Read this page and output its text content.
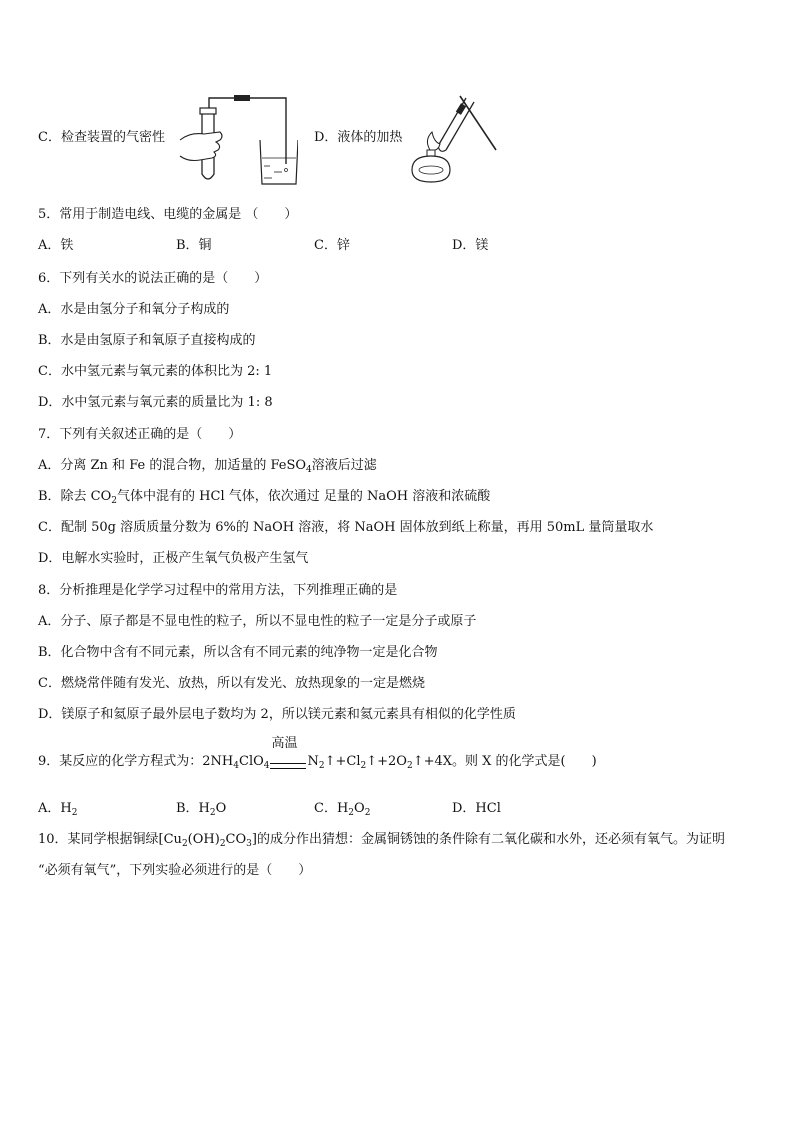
C．检查装置的气密性	D．液体的加热
5．常用于制造电线、电缆的金属是 （　　）
A．铁	B．铜	C．锌	D．镁
6．下列有关水的说法正确的是（　　）
A．水是由氢分子和氧分子构成的
B．水是由氢原子和氧原子直接构成的
C．水中氢元素与氧元素的体积比为 2: 1
D．水中氢元素与氧元素的质量比为 1: 8
7．下列有关叙述正确的是（　　）
A．分离 Zn 和 Fe 的混合物，加适量的 FeSO$_4$溶液后过滤
B．除去 $CO_2$气体中混有的 HCl 气体，依次通过 足量的 NaOH 溶液和浓硫酸
C．配制 50g 溶质质量分数为 6%的 NaOH 溶液，将 NaOH 固体放到纸上称量，再用 50mL 量筒量取水
D．电解水实验时，正极产生氧气负极产生氢气
8．分析推理是化学学习过程中的常用方法，下列推理正确的是
A．分子、原子都是不显电性的粒子，所以不显电性的粒子一定是分子或原子
B．化合物中含有不同元素，所以含有不同元素的纯净物一定是化合物
C．燃烧常伴随有发光、放热，所以有发光、放热现象的一定是燃烧
D．镁原子和氦原子最外层电子数均为 2，所以镁元素和氦元素具有相似的化学性质
9．某反应的化学方程式为：$2NH_4ClO_4$
高温
$N_2↑+Cl_2↑+2O_2↑+4X$。则 X 的化学式是(　　)
A．$H_2$	B．$H_2O$	C．$H_2O_2$	D．HCl
10．某同学根据铜绿$[Cu_2(OH)_2CO_3]$的成分作出猜想：金属铜锈蚀的条件除有二氧化碳和水外，还必须有氧气。为证明
“必须有氧气”，下列实验必须进行的是（　　）
